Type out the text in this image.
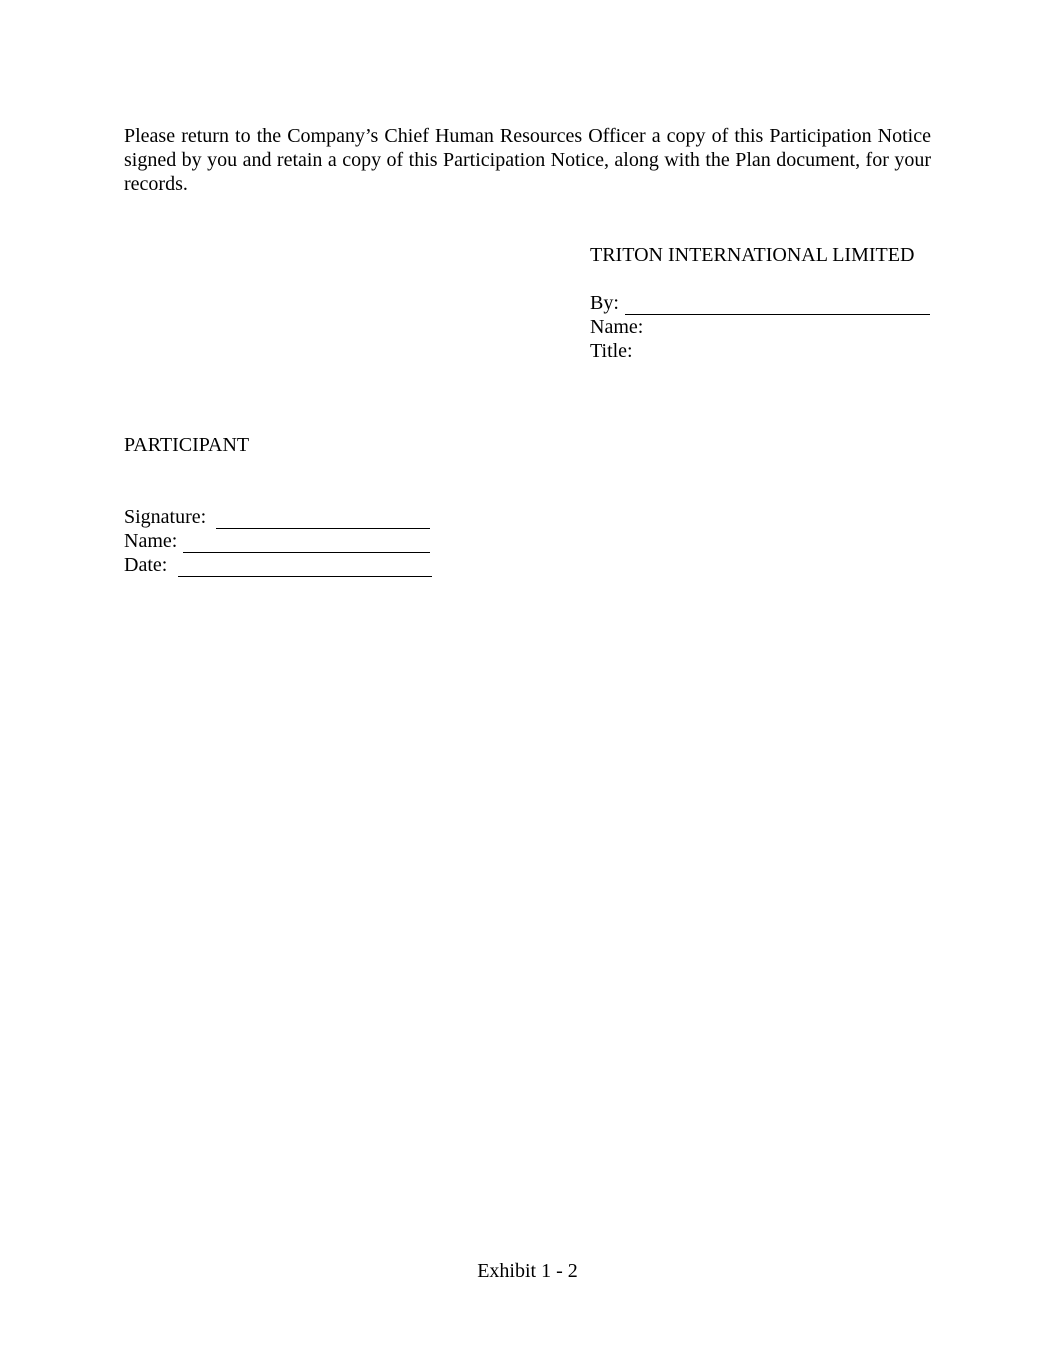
Please return to the Company’s Chief Human Resources Officer a copy of this Participation Notice signed by you and retain a copy of this Participation Notice, along with the Plan document, for your records.

TRITON INTERNATIONAL LIMITED
By:
Name:
Title:
PARTICIPANT
Signature:
Name:
Date:
Exhibit 1 - 2
